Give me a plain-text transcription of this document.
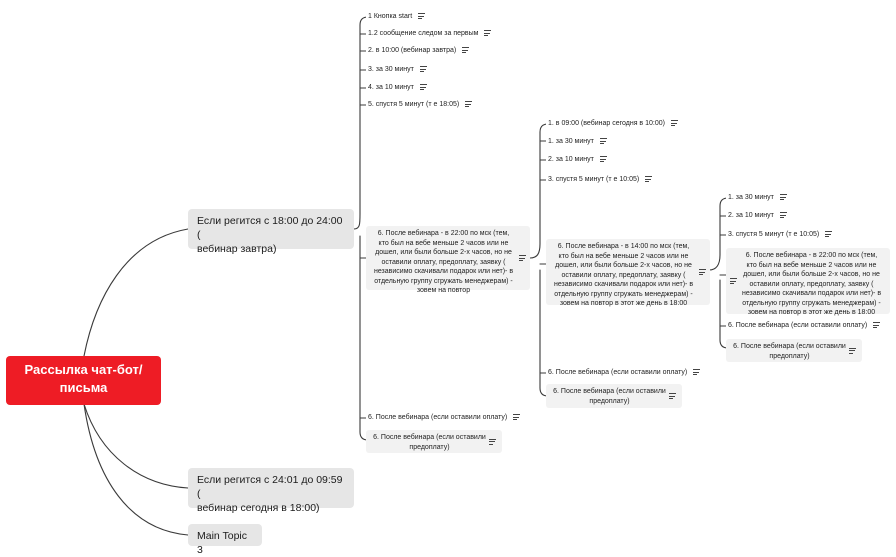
Рассылка чат-бот/
письма
Если регится с 18:00 до 24:00 (
вебинар завтра)
Если регится с 24:01 до 09:59 (
вебинар сегодня в 18:00)
Main Topic 3
1 Кнопка start
1.2 сообщение следом за первым
2. в 10:00 (вебинар завтра)
3. за 30 минут
4. за 10 минут
5. спустя 5 минут (т е 18:05)
6. После вебинара - в 22:00 по мск (тем,
кто был на вебе меньше 2 часов или не
дошел, или были больше 2-х часов, но не
оставили оплату, предоплату, заявку (
независимо скачивали подарок или нет)- в
отдельную группу сгружать менеджерам) -
зовем на повтор
6. После вебинара (если оставили оплату)
6. После вебинара (если оставили
предоплату)
1. в 09:00 (вебинар сегодня в 10:00)
1. за 30 минут
2. за 10 минут
3. спустя 5 минут (т е 10:05)
6. После вебинара - в 14:00 по мск (тем,
кто был на вебе меньше 2 часов или не
дошел, или были больше 2-х часов, но не
оставили оплату, предоплату, заявку (
независимо скачивали подарок или нет)- в
отдельную группу сгружать менеджерам) -
зовем на повтор в этот же день в 18:00
6. После вебинара (если оставили оплату)
6. После вебинара (если оставили
предоплату)
1. за 30 минут
2. за 10 минут
3. спустя 5 минут (т е 10:05)
6. После вебинара - в 22:00 по мск (тем,
кто был на вебе меньше 2 часов или не
дошел, или были больше 2-х часов, но не
оставили оплату, предоплату, заявку (
независимо скачивали подарок или нет)- в
отдельную группу сгружать менеджерам) -
зовем на повтор в этот же день в 18:00
6. После вебинара (если оставили оплату)
6. После вебинара (если оставили
предоплату)
